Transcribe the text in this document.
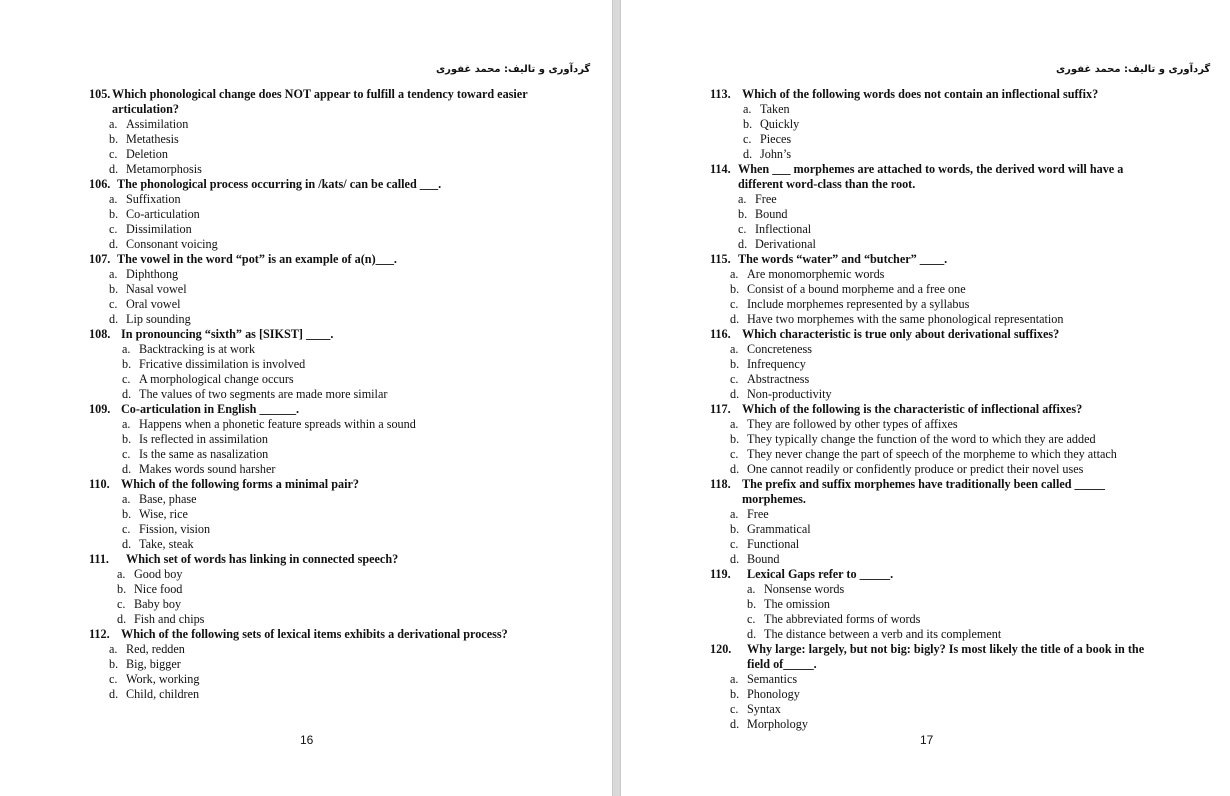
گردآوری و تالیف: محمد غفوری
105. Which phonological change does NOT appear to fulfill a tendency toward easier articulation?
a. Assimilation
b. Metathesis
c. Deletion
d. Metamorphosis
106. The phonological process occurring in /kats/ can be called ___.
a. Suffixation
b. Co-articulation
c. Dissimilation
d. Consonant voicing
107. The vowel in the word “pot” is an example of a(n)___.
a. Diphthong
b. Nasal vowel
c. Oral vowel
d. Lip sounding
108. In pronouncing “sixth” as [SIKST] ____.
a. Backtracking is at work
b. Fricative dissimilation is involved
c. A morphological change occurs
d. The values of two segments are made more similar
109. Co-articulation in English ______.
a. Happens when a phonetic feature spreads within a sound
b. Is reflected in assimilation
c. Is the same as nasalization
d. Makes words sound harsher
110. Which of the following forms a minimal pair?
a. Base, phase
b. Wise, rice
c. Fission, vision
d. Take, steak
111.	Which set of words has linking in connected speech?
a. Good boy
b. Nice food
c. Baby boy
d. Fish and chips
112. Which of the following sets of lexical items exhibits a derivational process?
a. Red, redden
b. Big, bigger
c. Work, working
d. Child, children
16
گردآوری و تالیف: محمد غفوری
113. Which of the following words does not contain an inflectional suffix?
a. Taken
b. Quickly
c. Pieces
d. John’s
114. When ___ morphemes are attached to words, the derived word will have a different word-class than the root.
a. Free
b. Bound
c. Inflectional
d. Derivational
115. The words “water” and “butcher” ____.
a. Are monomorphemic words
b. Consist of a bound morpheme and a free one
c. Include morphemes represented by a syllabus
d. Have two morphemes with the same phonological representation
116. Which characteristic is true only about derivational suffixes?
a. Concreteness
b. Infrequency
c. Abstractness
d. Non-productivity
117. Which of the following is the characteristic of inflectional affixes?
a. They are followed by other types of affixes
b. They typically change the function of the word to which they are added
c. They never change the part of speech of the morpheme to which they attach
d. One cannot readily or confidently produce or predict their novel uses
118. The prefix and suffix morphemes have traditionally been called _____ morphemes.
a. Free
b. Grammatical
c. Functional
d. Bound
119.	Lexical Gaps refer to _____.
a. Nonsense words
b. The omission
c. The abbreviated forms of words
d. The distance between a verb and its complement
120.	Why large: largely, but not big: bigly? Is most likely the title of a book in the field of_____.
a. Semantics
b. Phonology
c. Syntax
d. Morphology
17
